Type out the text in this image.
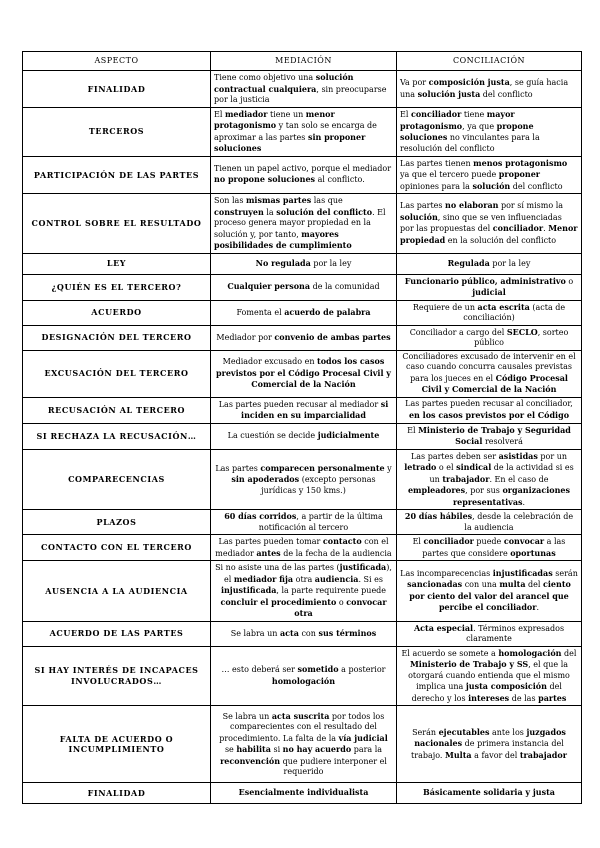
ASPECTO	MEDIACIÓN	CONCILIACIÓN
FINALIDAD	Tiene como objetivo una solución contractual cualquiera, sin preocuparse por la justicia	Va por composición justa, se guía hacia una solución justa del conflicto
TERCEROS	El mediador tiene un menor protagonismo y tan solo se encarga de aproximar a las partes sin proponer soluciones	El conciliador tiene mayor protagonismo, ya que propone soluciones no vinculantes para la resolución del conflicto
PARTICIPACIÓN DE LAS PARTES	Tienen un papel activo, porque el mediador no propone soluciones al conflicto.	Las partes tienen menos protagonismo ya que el tercero puede proponer opiniones para la solución del conflicto
CONTROL SOBRE EL RESULTADO	Son las mismas partes las que construyen la solución del conflicto. El proceso genera mayor propiedad en la solución y, por tanto, mayores posibilidades de cumplimiento	Las partes no elaboran por sí mismo la solución, sino que se ven influenciadas por las propuestas del conciliador. Menor propiedad en la solución del conflicto
LEY	No regulada por la ley	Regulada por la ley
¿QUIÉN ES EL TERCERO?	Cualquier persona de la comunidad	Funcionario público, administrativo o judicial
ACUERDO	Fomenta el acuerdo de palabra	Requiere de un acta escrita (acta de conciliación)
DESIGNACIÓN DEL TERCERO	Mediador por convenio de ambas partes	Conciliador a cargo del SECLO, sorteo público
EXCUSACIÓN DEL TERCERO	Mediador excusado en todos los casos previstos por el Código Procesal Civil y Comercial de la Nación	Conciliadores excusado de intervenir en el caso cuando concurra causales previstas para los jueces en el Código Procesal Civil y Comercial de la Nación
RECUSACIÓN AL TERCERO	Las partes pueden recusar al mediador si inciden en su imparcialidad	Las partes pueden recusar al conciliador, en los casos previstos por el Código
SI RECHAZA LA RECUSACIÓN…	La cuestión se decide judicialmente	El Ministerio de Trabajo y Seguridad Social resolverá
COMPARECENCIAS	Las partes comparecen personalmente y sin apoderados (excepto personas jurídicas y 150 kms.)	Las partes deben ser asistidas por un letrado o el sindical de la actividad si es un trabajador. En el caso de empleadores, por sus organizaciones representativas.
PLAZOS	60 días corridos, a partir de la última notificación al tercero	20 días hábiles, desde la celebración de la audiencia
CONTACTO CON EL TERCERO	Las partes pueden tomar contacto con el mediador antes de la fecha de la audiencia	El conciliador puede convocar a las partes que considere oportunas
AUSENCIA A LA AUDIENCIA	Si no asiste una de las partes (justificada), el mediador fija otra audiencia. Si es injustificada, la parte requirente puede concluir el procedimiento o convocar otra	Las incomparecencias injustificadas serán sancionadas con una multa del ciento por ciento del valor del arancel que percibe el conciliador.
ACUERDO DE LAS PARTES	Se labra un acta con sus términos	Acta especial. Términos expresados claramente
SI HAY INTERÉS DE INCAPACES INVOLUCRADOS…	… esto deberá ser sometido a posterior homologación	El acuerdo se somete a homologación del Ministerio de Trabajo y SS, el que la otorgará cuando entienda que el mismo implica una justa composición del derecho y los intereses de las partes
FALTA DE ACUERDO O INCUMPLIMIENTO	Se labra un acta suscrita por todos los comparecientes con el resultado del procedimiento. La falta de la vía judicial se habilita si no hay acuerdo para la reconvención que pudiere interponer el requerido	Serán ejecutables ante los juzgados nacionales de primera instancia del trabajo. Multa a favor del trabajador
FINALIDAD	Esencialmente individualista	Básicamente solidaria y justa
